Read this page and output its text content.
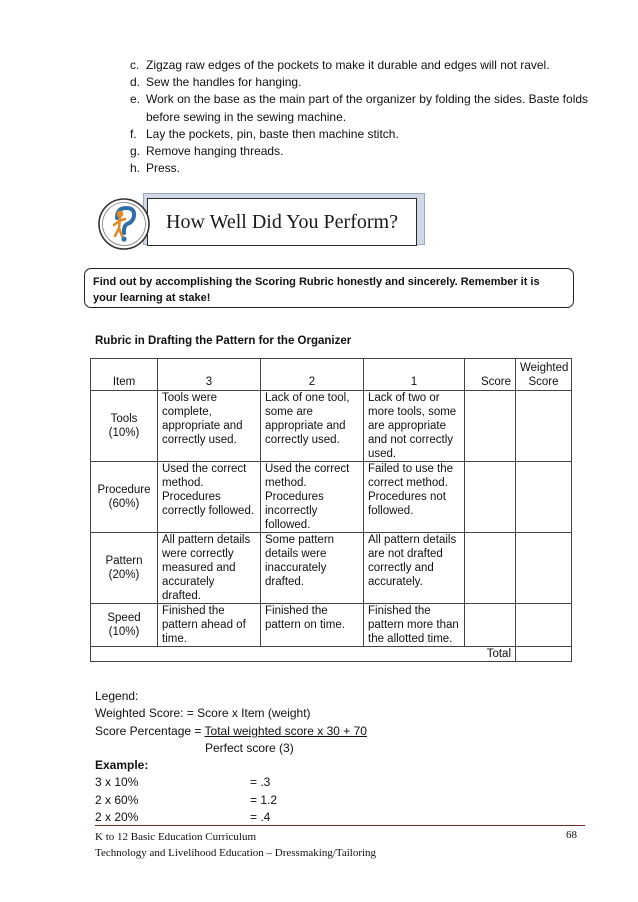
c. Zigzag raw edges of the pockets to make it durable and edges will not ravel.
d. Sew the handles for hanging.
e. Work on the base as the main part of the organizer by folding the sides. Baste folds before sewing in the sewing machine.
f. Lay the pockets, pin, baste then machine stitch.
g. Remove hanging threads.
h. Press.
How Well Did You Perform?
Find out by accomplishing the Scoring Rubric honestly and sincerely. Remember it is your learning at stake!
Rubric in Drafting the Pattern for the Organizer
Item	3	2	1	Score	Weighted Score

Tools
(10%)	Tools were complete, appropriate and correctly used.	Lack of one tool, some are appropriate and correctly used.	Lack of two or more tools, some are appropriate and not correctly used.		

Procedure
(60%)	Used the correct method. Procedures correctly followed.	Used the correct method. Procedures incorrectly followed.	Failed to use the correct method. Procedures not followed.		

Pattern
(20%)	All pattern details were correctly measured and accurately drafted.	Some pattern details were inaccurately drafted.	All pattern details are not drafted correctly and accurately.		

Speed
(10%)	Finished the pattern ahead of time.	Finished the pattern on time.	Finished the pattern more than the allotted time.		
Total					
Legend:
Weighted Score: = Score x Item (weight)
Score Percentage = Total weighted score x 30 + 70
Perfect score (3)
Example:
3 x 10%	= .3
2 x 60%	= 1.2
2 x 20%	= .4
K to 12 Basic Education Curriculum
Technology and Livelihood Education – Dressmaking/Tailoring
68
